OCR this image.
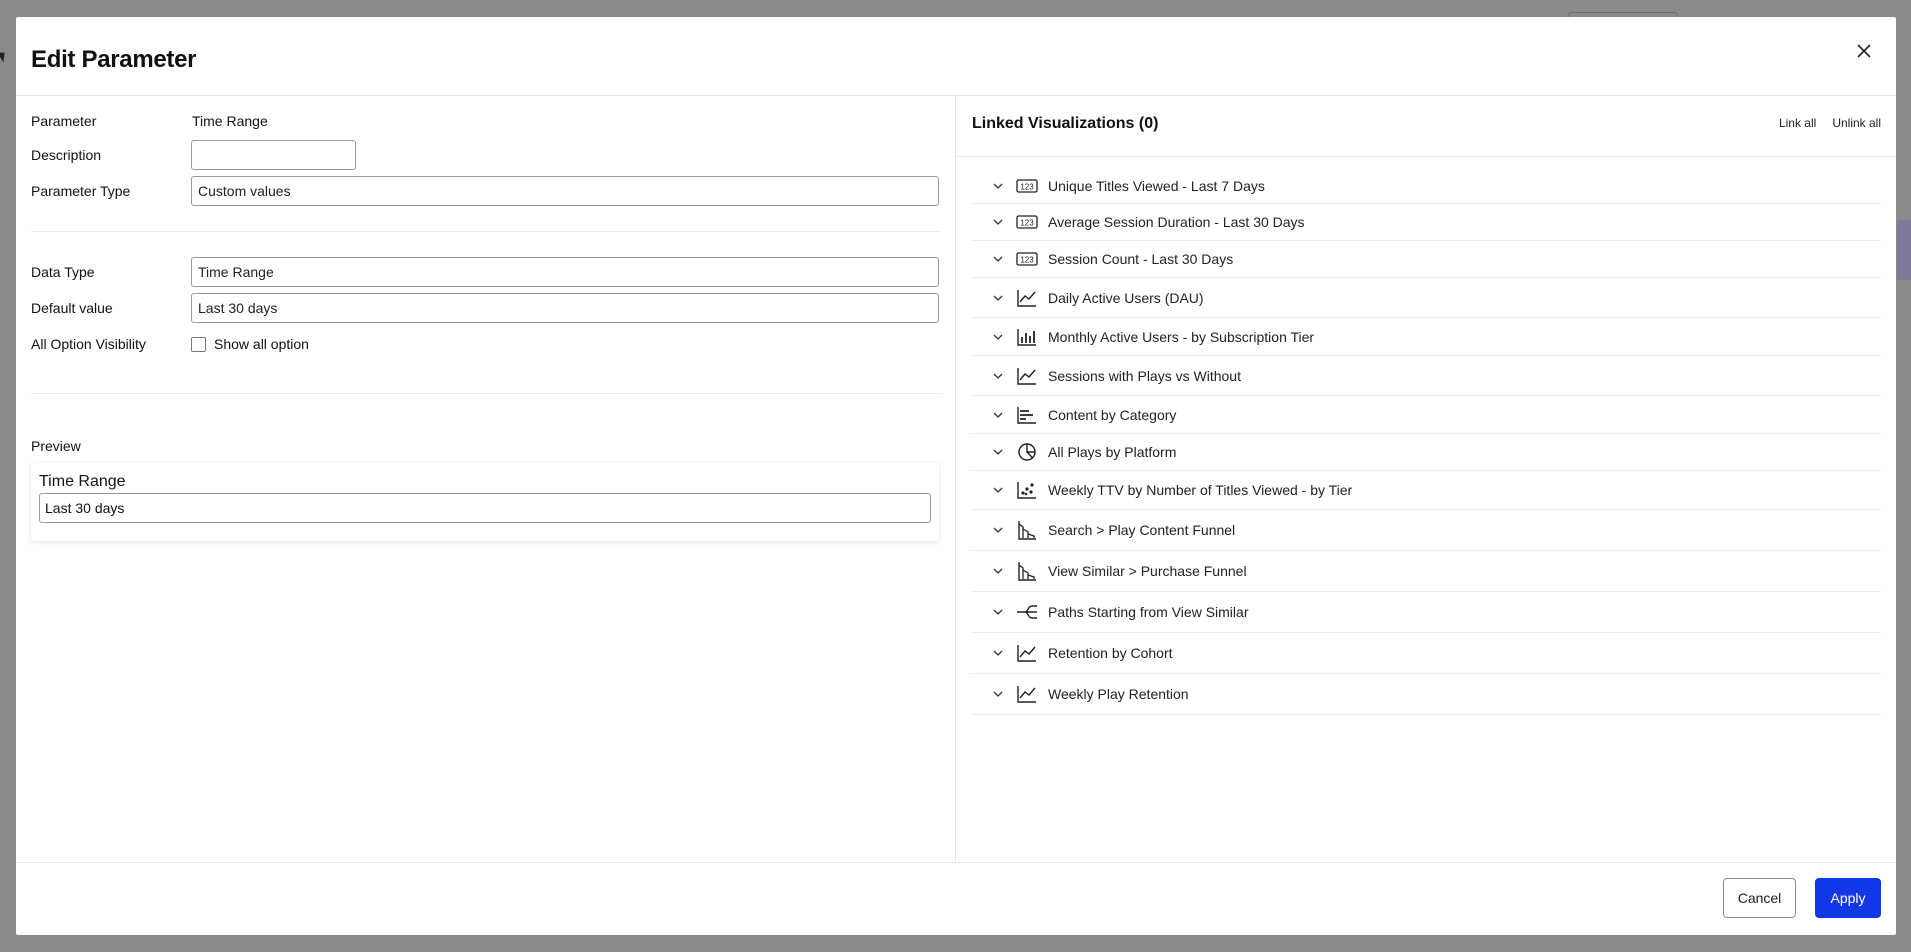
Edit Parameter
Parameter	Time Range
Description
Parameter Type	Custom values
Data Type	Time Range
Default value	Last 30 days
All Option Visibility	Show all option
Preview
Time Range
Last 30 days
Linked Visualizations (0)	Link all Unlink all
123 Unique Titles Viewed - Last 7 Days
123 Average Session Duration - Last 30 Days
123 Session Count - Last 30 Days
Daily Active Users (DAU)
Monthly Active Users - by Subscription Tier
Sessions with Plays vs Without
Content by Category
All Plays by Platform
Weekly TTV by Number of Titles Viewed - by Tier
Search > Play Content Funnel
View Similar > Purchase Funnel
Paths Starting from View Similar
Retention by Cohort
Weekly Play Retention
Cancel	Apply
